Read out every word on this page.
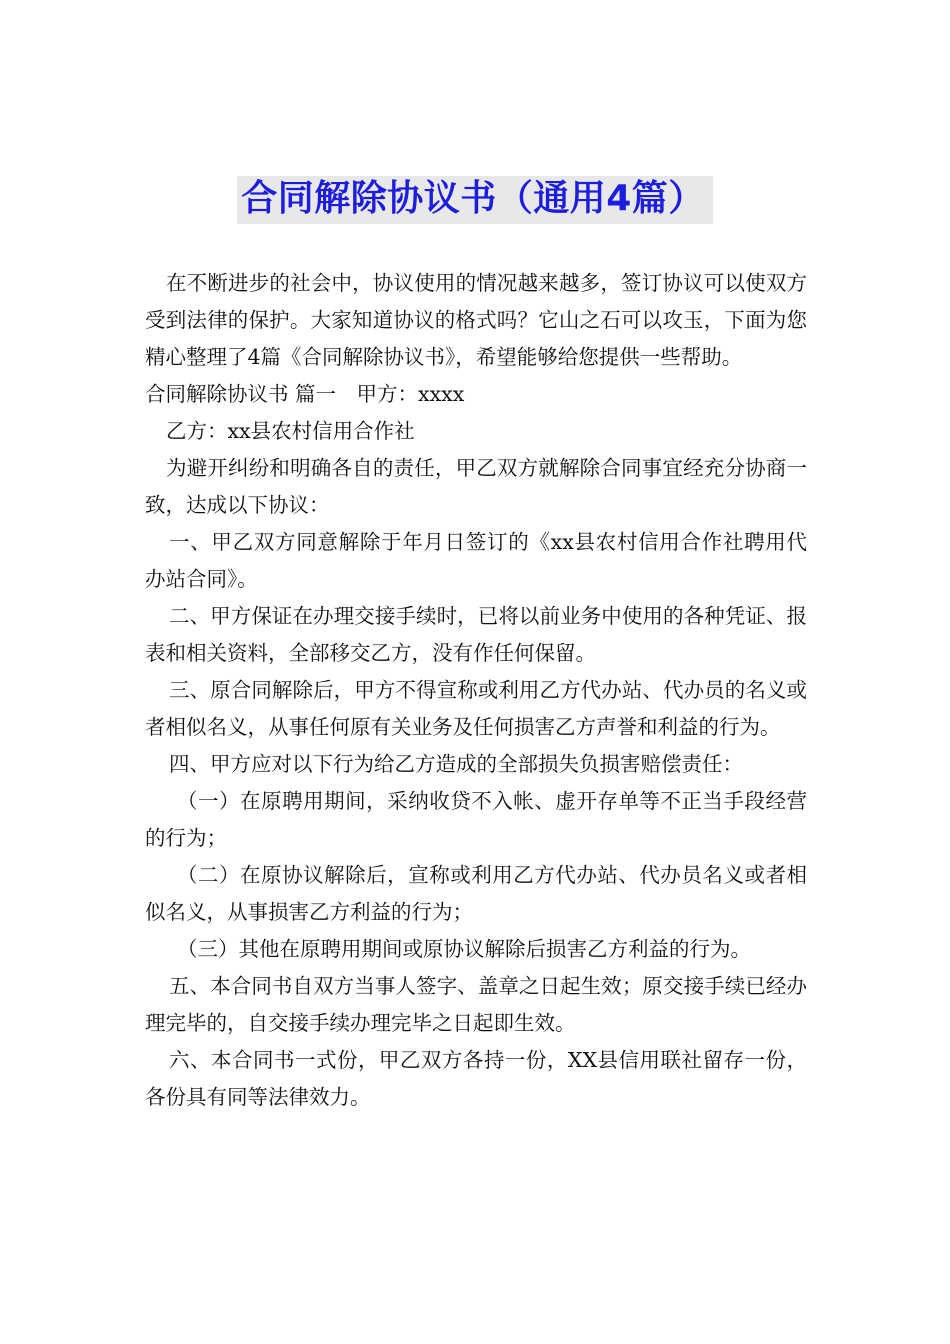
合同解除协议书（通用4篇）

在不断进步的社会中，协议使用的情况越来越多，签订协议可以使双方受到法律的保护。大家知道协议的格式吗？它山之石可以攻玉，下面为您精心整理了4篇《合同解除协议书》，希望能够给您提供一些帮助。

合同解除协议书 篇一　甲方：xxxx

乙方：xx县农村信用合作社

为避开纠纷和明确各自的责任，甲乙双方就解除合同事宜经充分协商一致，达成以下协议：

一、甲乙双方同意解除于年月日签订的《xx县农村信用合作社聘用代办站合同》。

二、甲方保证在办理交接手续时，已将以前业务中使用的各种凭证、报表和相关资料，全部移交乙方，没有作任何保留。

三、原合同解除后，甲方不得宣称或利用乙方代办站、代办员的名义或者相似名义，从事任何原有关业务及任何损害乙方声誉和利益的行为。

四、甲方应对以下行为给乙方造成的全部损失负损害赔偿责任：

（一）在原聘用期间，采纳收贷不入帐、虚开存单等不正当手段经营的行为；

（二）在原协议解除后，宣称或利用乙方代办站、代办员名义或者相似名义，从事损害乙方利益的行为；

（三）其他在原聘用期间或原协议解除后损害乙方利益的行为。

五、本合同书自双方当事人签字、盖章之日起生效；原交接手续已经办理完毕的，自交接手续办理完毕之日起即生效。

六、本合同书一式份，甲乙双方各持一份，XX县信用联社留存一份，各份具有同等法律效力。
